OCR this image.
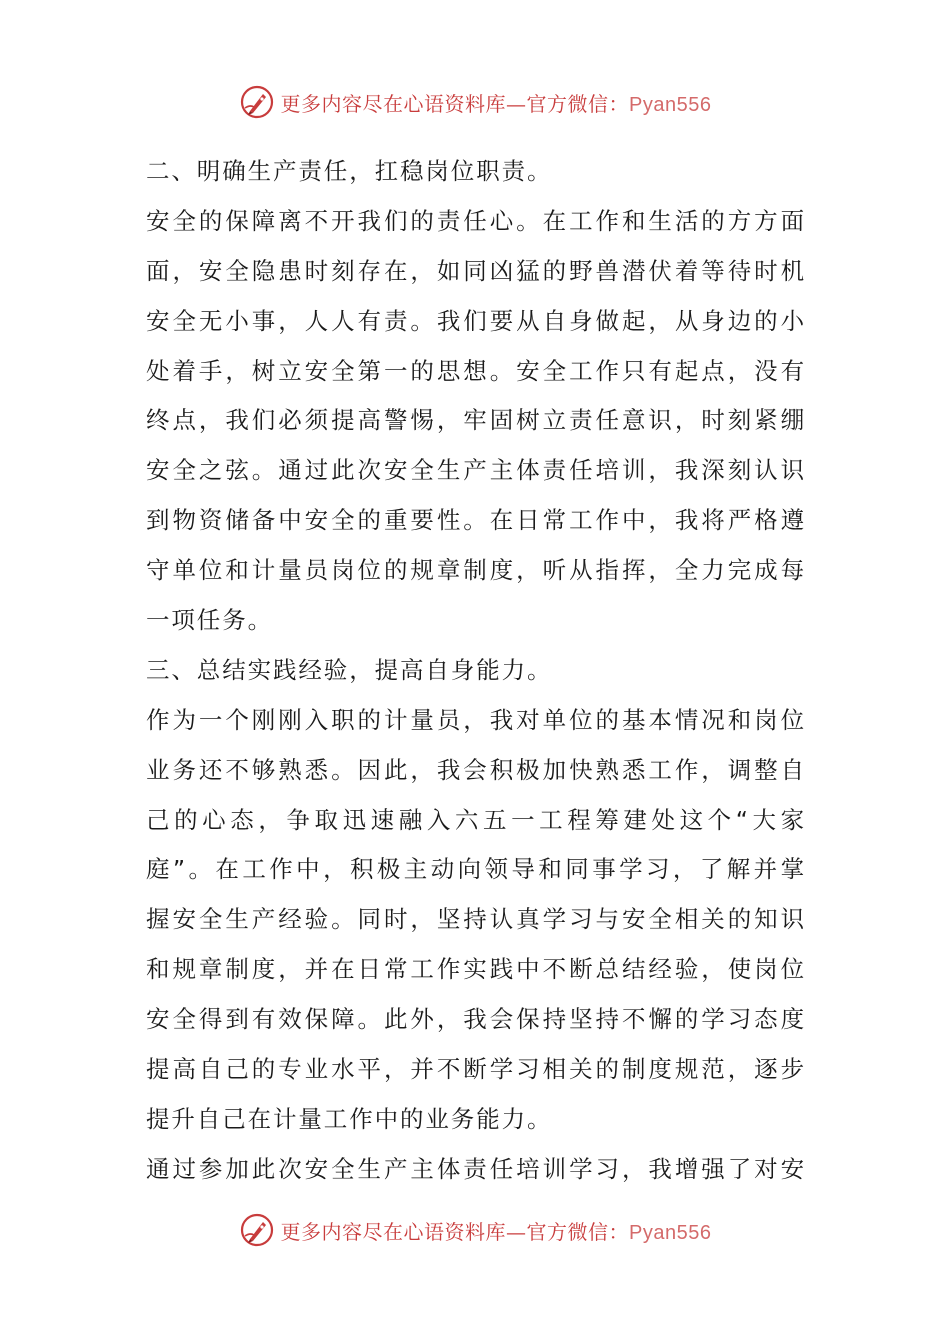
更多内容尽在心语资料库—官方微信：Pyan556
二、明确生产责任，扛稳岗位职责。
安全的保障离不开我们的责任心。在工作和生活的方方面
面，安全隐患时刻存在，如同凶猛的野兽潜伏着等待时机
安全无小事，人人有责。我们要从自身做起，从身边的小
处着手，树立安全第一的思想。安全工作只有起点，没有
终点，我们必须提高警惕，牢固树立责任意识，时刻紧绷
安全之弦。通过此次安全生产主体责任培训，我深刻认识
到物资储备中安全的重要性。在日常工作中，我将严格遵
守单位和计量员岗位的规章制度，听从指挥，全力完成每
一项任务。
三、总结实践经验，提高自身能力。
作为一个刚刚入职的计量员，我对单位的基本情况和岗位
业务还不够熟悉。因此，我会积极加快熟悉工作，调整自
己的心态，争取迅速融入六五一工程筹建处这个“大家
庭”。在工作中，积极主动向领导和同事学习，了解并掌
握安全生产经验。同时，坚持认真学习与安全相关的知识
和规章制度，并在日常工作实践中不断总结经验，使岗位
安全得到有效保障。此外，我会保持坚持不懈的学习态度
提高自己的专业水平，并不断学习相关的制度规范，逐步
提升自己在计量工作中的业务能力。
通过参加此次安全生产主体责任培训学习，我增强了对安
更多内容尽在心语资料库—官方微信：Pyan556
